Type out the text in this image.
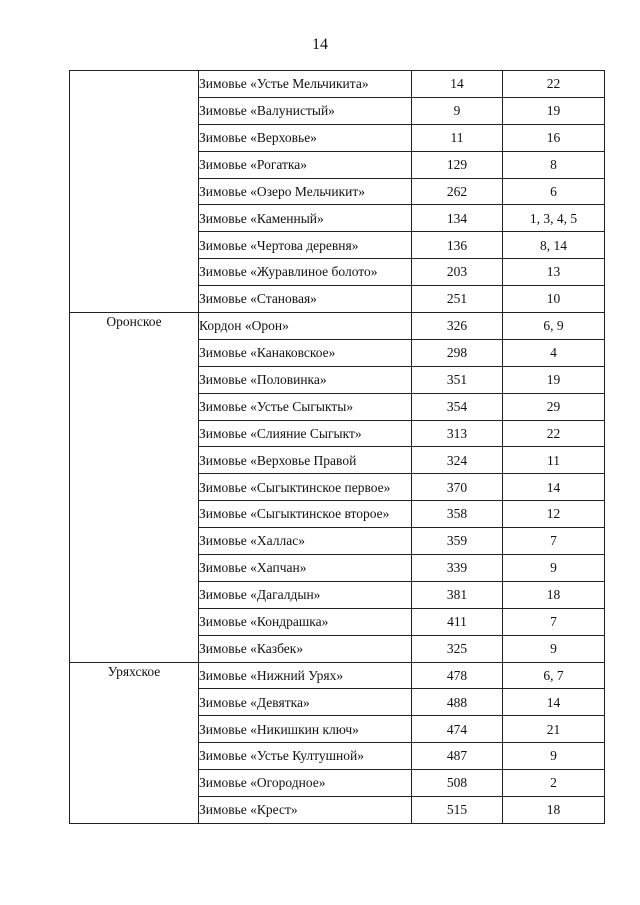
14
	Зимовье «Устье Мельчикита»	14	22
	Зимовье «Валунистый»	9	19
	Зимовье «Верховье»	11	16
	Зимовье «Рогатка»	129	8
	Зимовье «Озеро Мельчикит»	262	6
	Зимовье «Каменный»	134	1, 3, 4, 5
	Зимовье «Чертова деревня»	136	8, 14
	Зимовье «Журавлиное болото»	203	13
	Зимовье «Становая»	251	10
Оронское	Кордон «Орон»	326	6, 9
	Зимовье «Канаковское»	298	4
	Зимовье «Половинка»	351	19
	Зимовье «Устье Сыгыкты»	354	29
	Зимовье «Слияние Сыгыкт»	313	22
	Зимовье «Верховье Правой	324	11
	Зимовье «Сыгыктинское первое»	370	14
	Зимовье «Сыгыктинское второе»	358	12
	Зимовье «Халлас»	359	7
	Зимовье «Хапчан»	339	9
	Зимовье «Дагалдын»	381	18
	Зимовье «Кондрашка»	411	7
	Зимовье «Казбек»	325	9
Уряхское	Зимовье «Нижний Урях»	478	6, 7
	Зимовье «Девятка»	488	14
	Зимовье «Никишкин ключ»	474	21
	Зимовье «Устье Култушной»	487	9
	Зимовье «Огородное»	508	2
	Зимовье «Крест»	515	18
